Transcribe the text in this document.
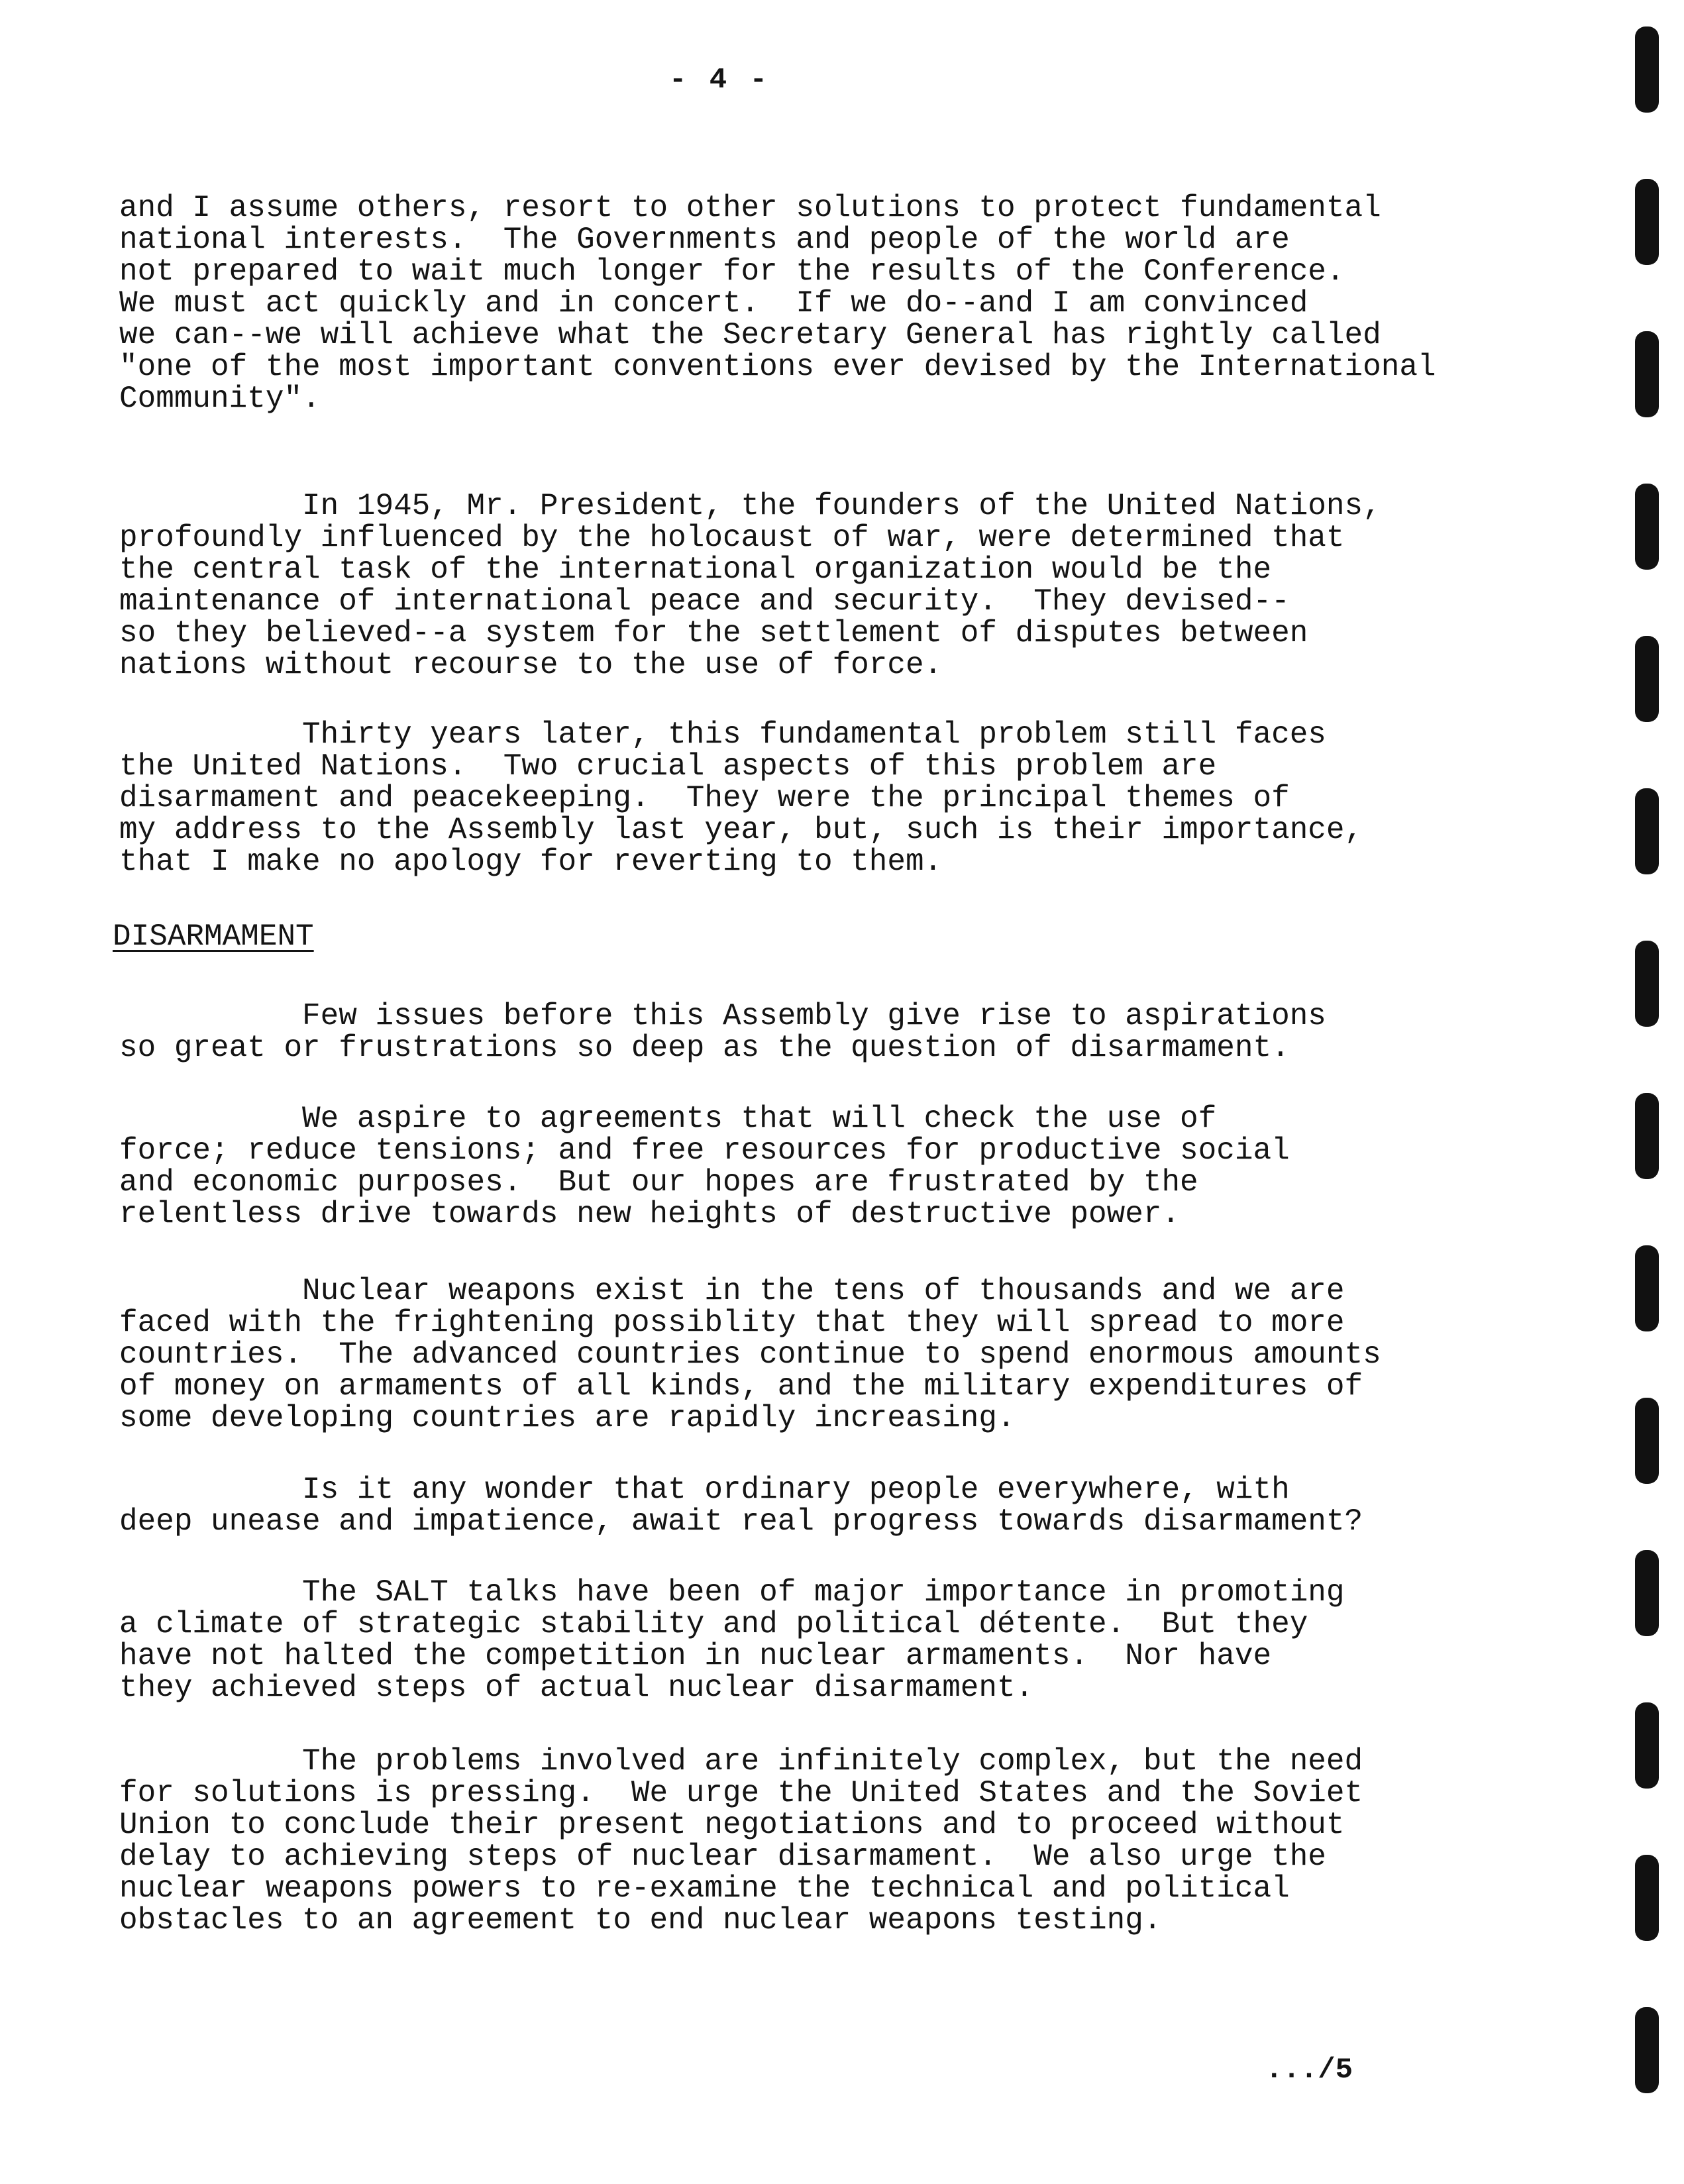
- 4 -

and I assume others, resort to other solutions to protect fundamental
national interests.  The Governments and people of the world are
not prepared to wait much longer for the results of the Conference.
We must act quickly and in concert.  If we do--and I am convinced
we can--we will achieve what the Secretary General has rightly called
"one of the most important conventions ever devised by the International
Community".

In 1945, Mr. President, the founders of the United Nations,
profoundly influenced by the holocaust of war, were determined that
the central task of the international organization would be the
maintenance of international peace and security.  They devised--
so they believed--a system for the settlement of disputes between
nations without recourse to the use of force.

Thirty years later, this fundamental problem still faces
the United Nations.  Two crucial aspects of this problem are
disarmament and peacekeeping.  They were the principal themes of
my address to the Assembly last year, but, such is their importance,
that I make no apology for reverting to them.

DISARMAMENT

Few issues before this Assembly give rise to aspirations
so great or frustrations so deep as the question of disarmament.

We aspire to agreements that will check the use of
force; reduce tensions; and free resources for productive social
and economic purposes.  But our hopes are frustrated by the
relentless drive towards new heights of destructive power.

Nuclear weapons exist in the tens of thousands and we are
faced with the frightening possiblity that they will spread to more
countries.  The advanced countries continue to spend enormous amounts
of money on armaments of all kinds, and the military expenditures of
some developing countries are rapidly increasing.

Is it any wonder that ordinary people everywhere, with
deep unease and impatience, await real progress towards disarmament?

The SALT talks have been of major importance in promoting
a climate of strategic stability and political détente.  But they
have not halted the competition in nuclear armaments.  Nor have
they achieved steps of actual nuclear disarmament.

The problems involved are infinitely complex, but the need
for solutions is pressing.  We urge the United States and the Soviet
Union to conclude their present negotiations and to proceed without
delay to achieving steps of nuclear disarmament.  We also urge the
nuclear weapons powers to re-examine the technical and political
obstacles to an agreement to end nuclear weapons testing.

.../5
